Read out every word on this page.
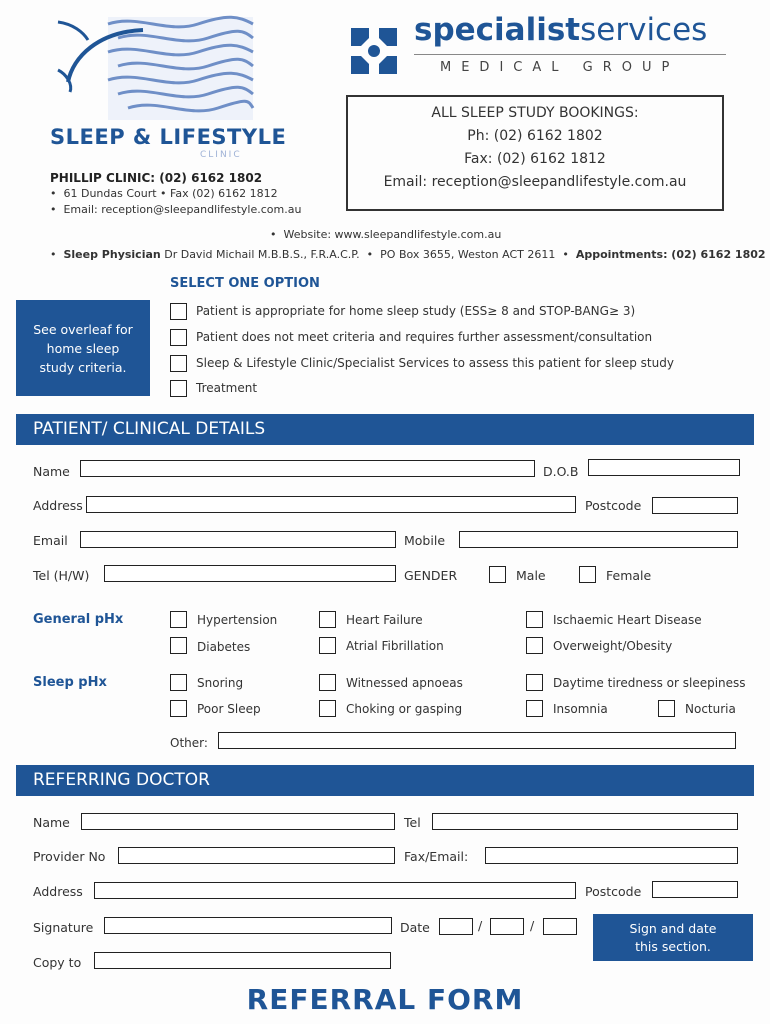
SLEEP & LIFESTYLE
CLINIC
PHILLIP CLINIC: (02) 6162 1802
•  61 Dundas Court • Fax (02) 6162 1812
•  Email: reception@sleepandlifestyle.com.au
•  Website: www.sleepandlifestyle.com.au
•  Sleep Physician Dr David Michail M.B.B.S., F.R.A.C.P.  •  PO Box 3655, Weston ACT 2611  •  Appointments: (02) 6162 1802
specialistservices
MEDICAL GROUP
ALL SLEEP STUDY BOOKINGS:
Ph: (02) 6162 1802
Fax: (02) 6162 1812
Email: reception@sleepandlifestyle.com.au
SELECT ONE OPTION
See overleaf for home sleep study criteria.
Patient is appropriate for home sleep study (ESS≥ 8 and STOP-BANG≥ 3)
Patient does not meet criteria and requires further assessment/consultation
Sleep & Lifestyle Clinic/Specialist Services to assess this patient for sleep study
Treatment
PATIENT/ CLINICAL DETAILS
Name	D.O.B
Address	Postcode
Email	Mobile
Tel (H/W)	GENDER	Male	Female
General pHx	Hypertension	Heart Failure	Ischaemic Heart Disease
Diabetes	Atrial Fibrillation	Overweight/Obesity
Sleep pHx	Snoring	Witnessed apnoeas	Daytime tiredness or sleepiness
Poor Sleep	Choking or gasping	Insomnia	Nocturia
Other:
REFERRING DOCTOR
Name	Tel
Provider No	Fax/Email:
Address	Postcode
Signature	Date	/	/	Sign and date this section.
Copy to
REFERRAL FORM
